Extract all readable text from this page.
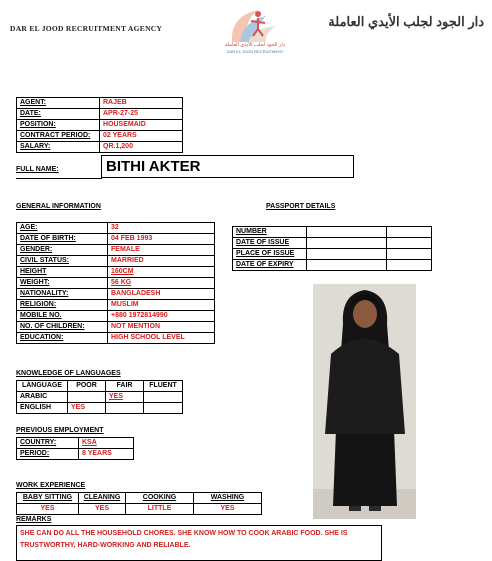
DAR EL JOOD RECRUITMENT AGENCY
دار الجود لجلب الأيدي العاملة
DAR EL JOOD RECRUITMENT
دار الجود لجلب الأيدي العاملة
AGENT:	RAJEB
DATE:	APR-27-25
POSITION:	HOUSEMAID
CONTRACT PERIOD:	02 YEARS
SALARY:	QR.1,200
FULL NAME:	BITHI AKTER
GENERAL INFORMATION	PASSPORT DETAILS
AGE:	32
DATE OF BIRTH:	04 FEB 1993
GENDER:	FEMALE
CIVIL STATUS:	MARRIED
HEIGHT	160CM
WEIGHT:	56 KG
NATIONALITY:	BANGLADESH
RELIGION:	MUSLIM
MOBILE NO.	+880 1972814990
NO. OF CHILDREN:	NOT MENTION
EDUCATION:	HIGH SCHOOL LEVEL
NUMBER		
DATE OF ISSUE		
PLACE OF ISSUE		
DATE OF EXPIRY		
KNOWLEDGE OF LANGUAGES
LANGUAGE	POOR	FAIR	FLUENT
ARABIC		YES	
ENGLISH	YES		
PREVIOUS EMPLOYMENT
COUNTRY:	KSA
PERIOD:	8 YEARS
WORK EXPERIENCE
BABY SITTING	CLEANING	COOKING	WASHING
YES	YES	LITTLE	YES
REMARKS
SHE CAN DO ALL THE HOUSEHOLD CHORES. SHE KNOW HOW TO COOK ARABIC FOOD. SHE IS TRUSTWORTHY, HARD-WORKING AND RELIABLE.
